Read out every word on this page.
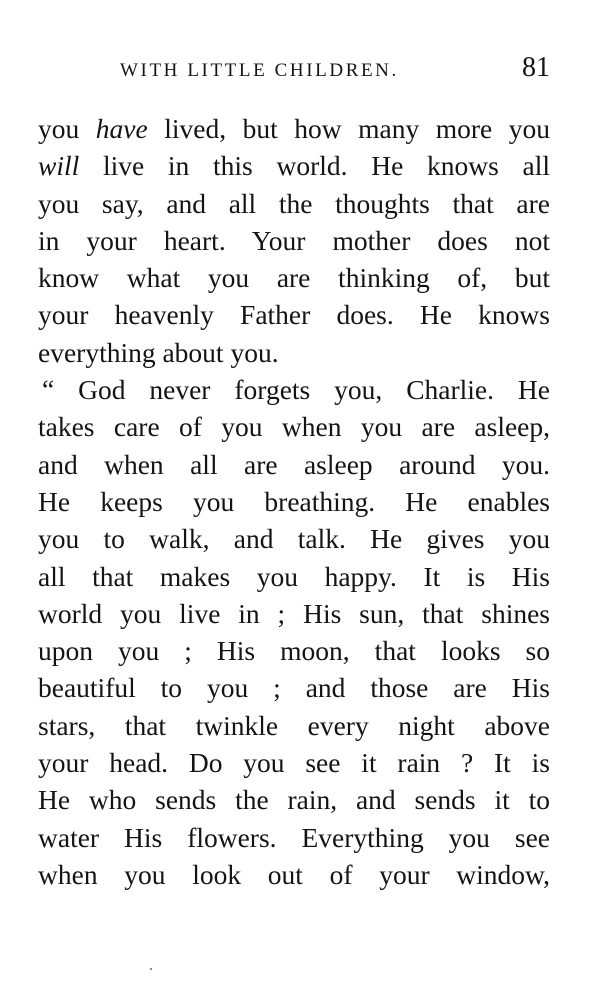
WITH LITTLE CHILDREN.	81
you have lived, but how many more you
will live in this world. He knows all
you say, and all the thoughts that are
in your heart. Your mother does not
know what you are thinking of, but
your heavenly Father does. He knows
everything about you.
“ God never forgets you, Charlie. He
takes care of you when you are asleep,
and when all are asleep around you.
He keeps you breathing. He enables
you to walk, and talk. He gives you
all that makes you happy. It is His
world you live in ; His sun, that shines
upon you ; His moon, that looks so
beautiful to you ; and those are His
stars, that twinkle every night above
your head. Do you see it rain ? It is
He who sends the rain, and sends it to
water His flowers. Everything you see
when you look out of your window,
